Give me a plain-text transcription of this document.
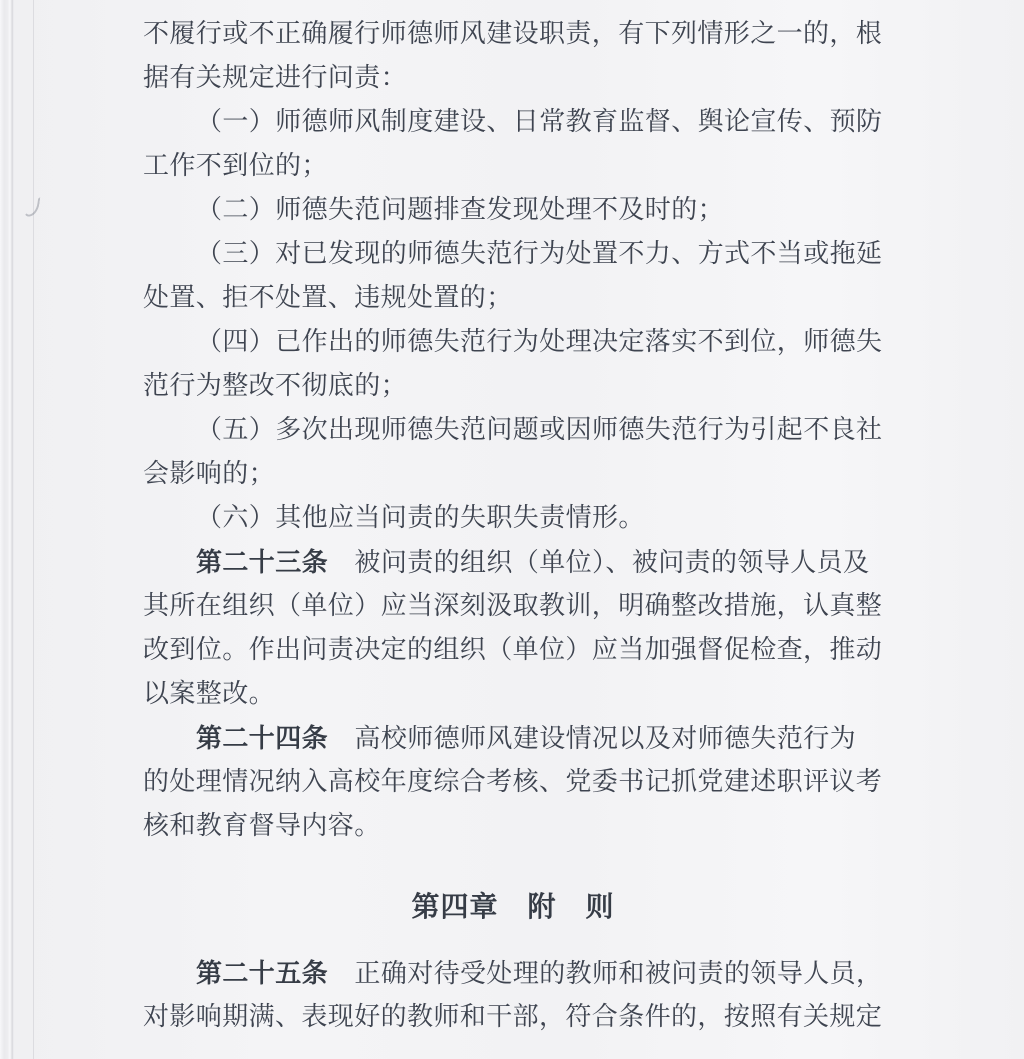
不履行或不正确履行师德师风建设职责，有下列情形之一的，根
据有关规定进行问责：
（一）师德师风制度建设、日常教育监督、舆论宣传、预防
工作不到位的；
（二）师德失范问题排查发现处理不及时的；
（三）对已发现的师德失范行为处置不力、方式不当或拖延
处置、拒不处置、违规处置的；
（四）已作出的师德失范行为处理决定落实不到位，师德失
范行为整改不彻底的；
（五）多次出现师德失范问题或因师德失范行为引起不良社
会影响的；
（六）其他应当问责的失职失责情形。
第二十三条　被问责的组织（单位）、被问责的领导人员及
其所在组织（单位）应当深刻汲取教训，明确整改措施，认真整
改到位。作出问责决定的组织（单位）应当加强督促检查，推动
以案整改。
第二十四条　高校师德师风建设情况以及对师德失范行为
的处理情况纳入高校年度综合考核、党委书记抓党建述职评议考
核和教育督导内容。
第四章　附　则
第二十五条　正确对待受处理的教师和被问责的领导人员，
对影响期满、表现好的教师和干部，符合条件的，按照有关规定
